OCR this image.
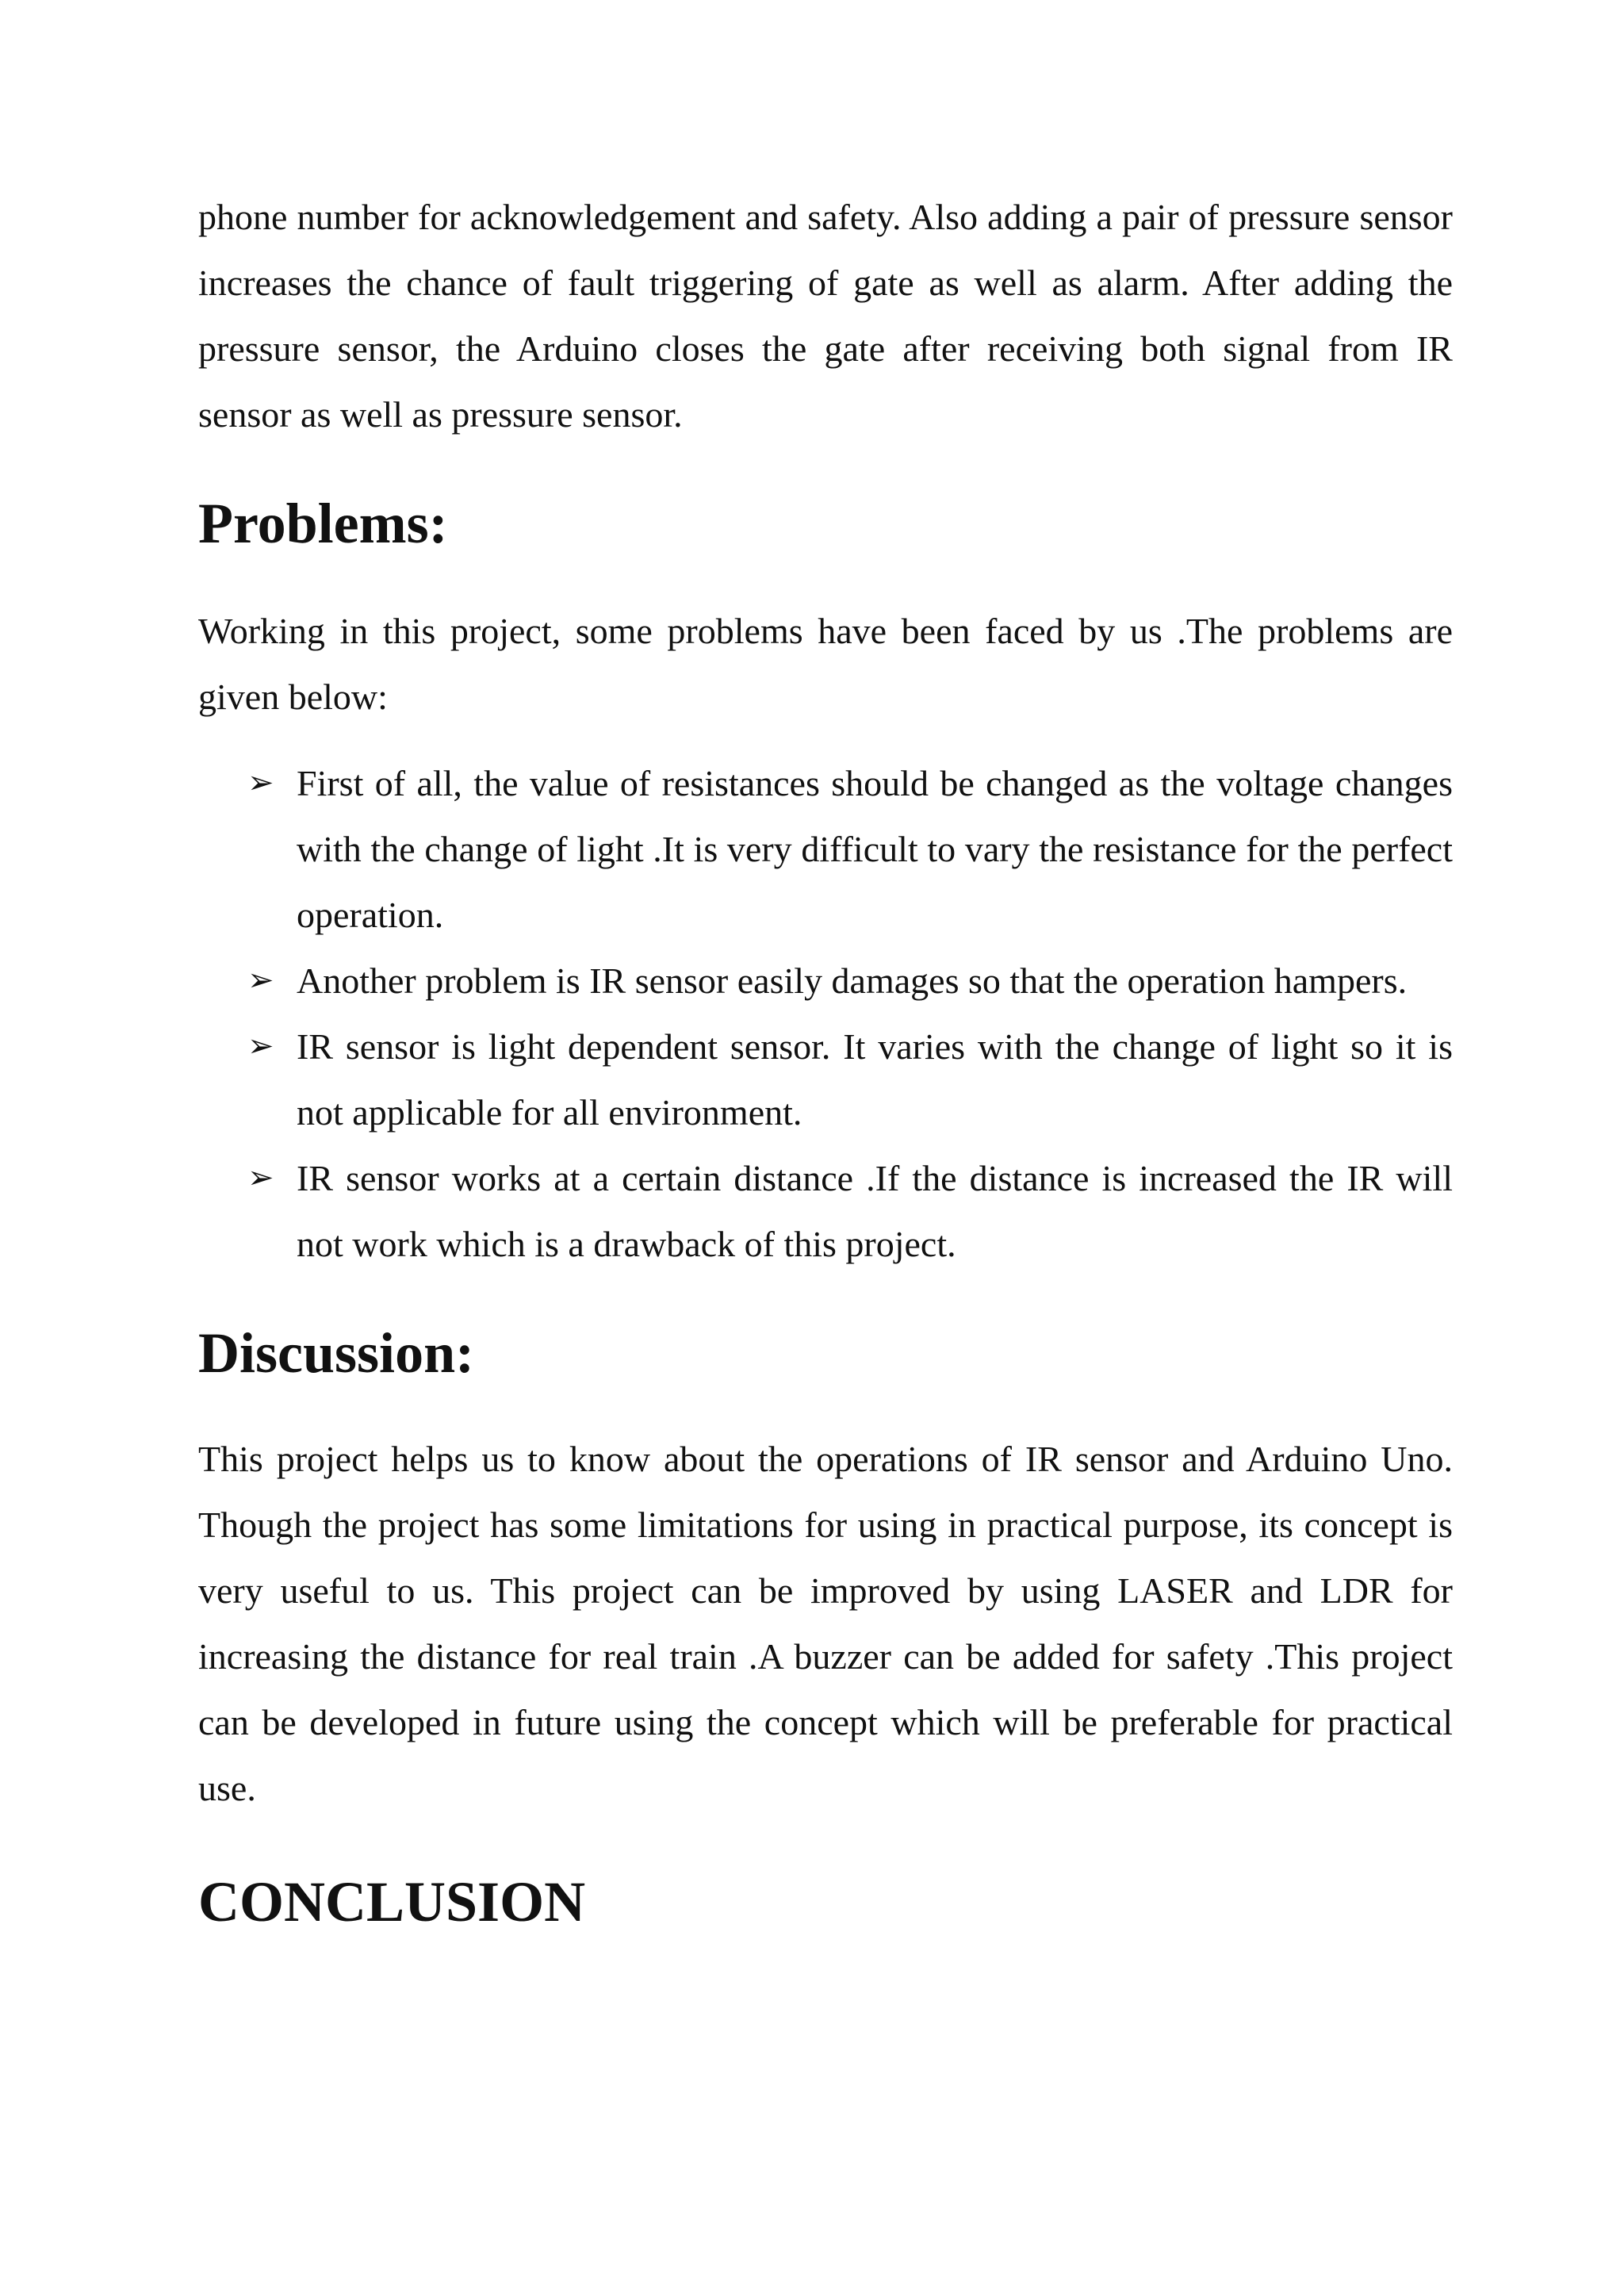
phone number for acknowledgement and safety. Also adding a pair of pressure sensor increases the chance of fault triggering of gate as well as alarm. After adding the pressure sensor, the Arduino closes the gate after receiving both signal from IR sensor as well as pressure sensor.

Problems:

Working in this project, some problems have been faced by us .The problems are given below:

➢ First of all, the value of resistances should be changed as the voltage changes with the change of light .It is very difficult to vary the resistance for the perfect operation.

➢ Another problem is IR sensor easily damages so that the operation hampers.

➢ IR sensor is light dependent sensor. It varies with the change of light so it is not applicable for all environment.

➢ IR sensor works at a certain distance .If the distance is increased the IR will not work which is a drawback of this project.

Discussion:

This project helps us to know about the operations of IR sensor and Arduino Uno. Though the project has some limitations for using in practical purpose, its concept is very useful to us. This project can be improved by using LASER and LDR for increasing the distance for real train .A buzzer can be added for safety .This project can be developed in future using the concept which will be preferable for practical use.

CONCLUSION
